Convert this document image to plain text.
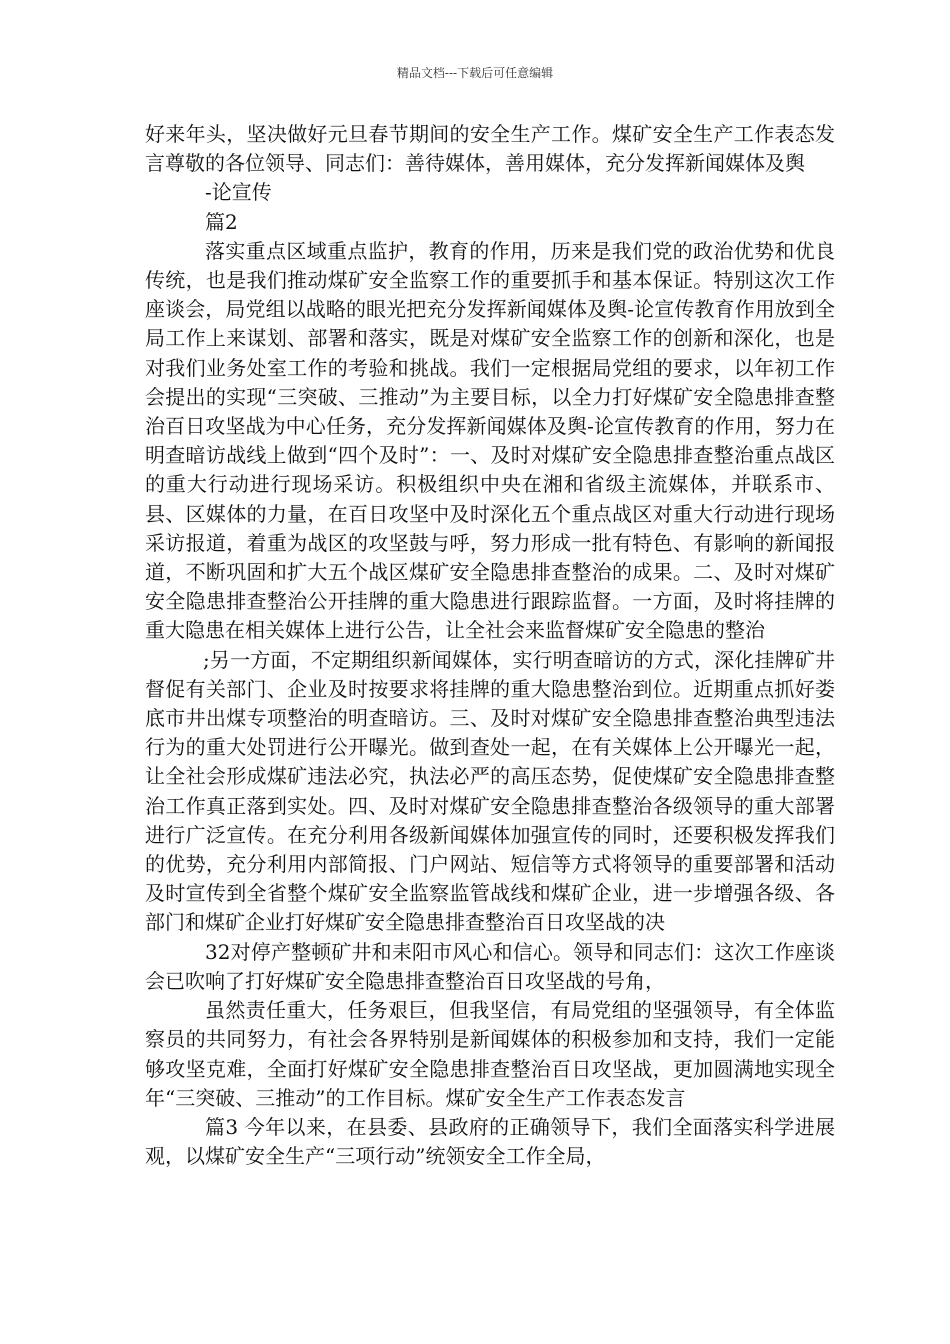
精品文档---下载后可任意编辑

好来年头，坚决做好元旦春节期间的安全生产工作。煤矿安全生产工作表态发言尊敬的各位领导、同志们：善待媒体，善用媒体，充分发挥新闻媒体及舆

-论宣传

篇2

落实重点区域重点监护，教育的作用，历来是我们党的政治优势和优良传统，也是我们推动煤矿安全监察工作的重要抓手和基本保证。特别这次工作座谈会，局党组以战略的眼光把充分发挥新闻媒体及舆-论宣传教育作用放到全局工作上来谋划、部署和落实，既是对煤矿安全监察工作的创新和深化，也是对我们业务处室工作的考验和挑战。我们一定根据局党组的要求，以年初工作会提出的实现“三突破、三推动”为主要目标，以全力打好煤矿安全隐患排查整治百日攻坚战为中心任务，充分发挥新闻媒体及舆-论宣传教育的作用，努力在明查暗访战线上做到“四个及时”：一、及时对煤矿安全隐患排查整治重点战区的重大行动进行现场采访。积极组织中央在湘和省级主流媒体，并联系市、县、区媒体的力量，在百日攻坚中及时深化五个重点战区对重大行动进行现场采访报道，着重为战区的攻坚鼓与呼，努力形成一批有特色、有影响的新闻报道，不断巩固和扩大五个战区煤矿安全隐患排查整治的成果。二、及时对煤矿安全隐患排查整治公开挂牌的重大隐患进行跟踪监督。一方面，及时将挂牌的重大隐患在相关媒体上进行公告，让全社会来监督煤矿安全隐患的整治

;另一方面，不定期组织新闻媒体，实行明查暗访的方式，深化挂牌矿井督促有关部门、企业及时按要求将挂牌的重大隐患整治到位。近期重点抓好娄底市井出煤专项整治的明查暗访。三、及时对煤矿安全隐患排查整治典型违法行为的重大处罚进行公开曝光。做到查处一起，在有关媒体上公开曝光一起，让全社会形成煤矿违法必究，执法必严的高压态势，促使煤矿安全隐患排查整治工作真正落到实处。四、及时对煤矿安全隐患排查整治各级领导的重大部署进行广泛宣传。在充分利用各级新闻媒体加强宣传的同时，还要积极发挥我们的优势，充分利用内部简报、门户网站、短信等方式将领导的重要部署和活动及时宣传到全省整个煤矿安全监察监管战线和煤矿企业，进一步增强各级、各部门和煤矿企业打好煤矿安全隐患排查整治百日攻坚战的决

32对停产整顿矿井和耒阳市风心和信心。领导和同志们：这次工作座谈会已吹响了打好煤矿安全隐患排查整治百日攻坚战的号角，

虽然责任重大，任务艰巨，但我坚信，有局党组的坚强领导，有全体监察员的共同努力，有社会各界特别是新闻媒体的积极参加和支持，我们一定能够攻坚克难，全面打好煤矿安全隐患排查整治百日攻坚战，更加圆满地实现全年“三突破、三推动”的工作目标。煤矿安全生产工作表态发言

篇3 今年以来，在县委、县政府的正确领导下，我们全面落实科学进展观，以煤矿安全生产“三项行动”统领安全工作全局，
